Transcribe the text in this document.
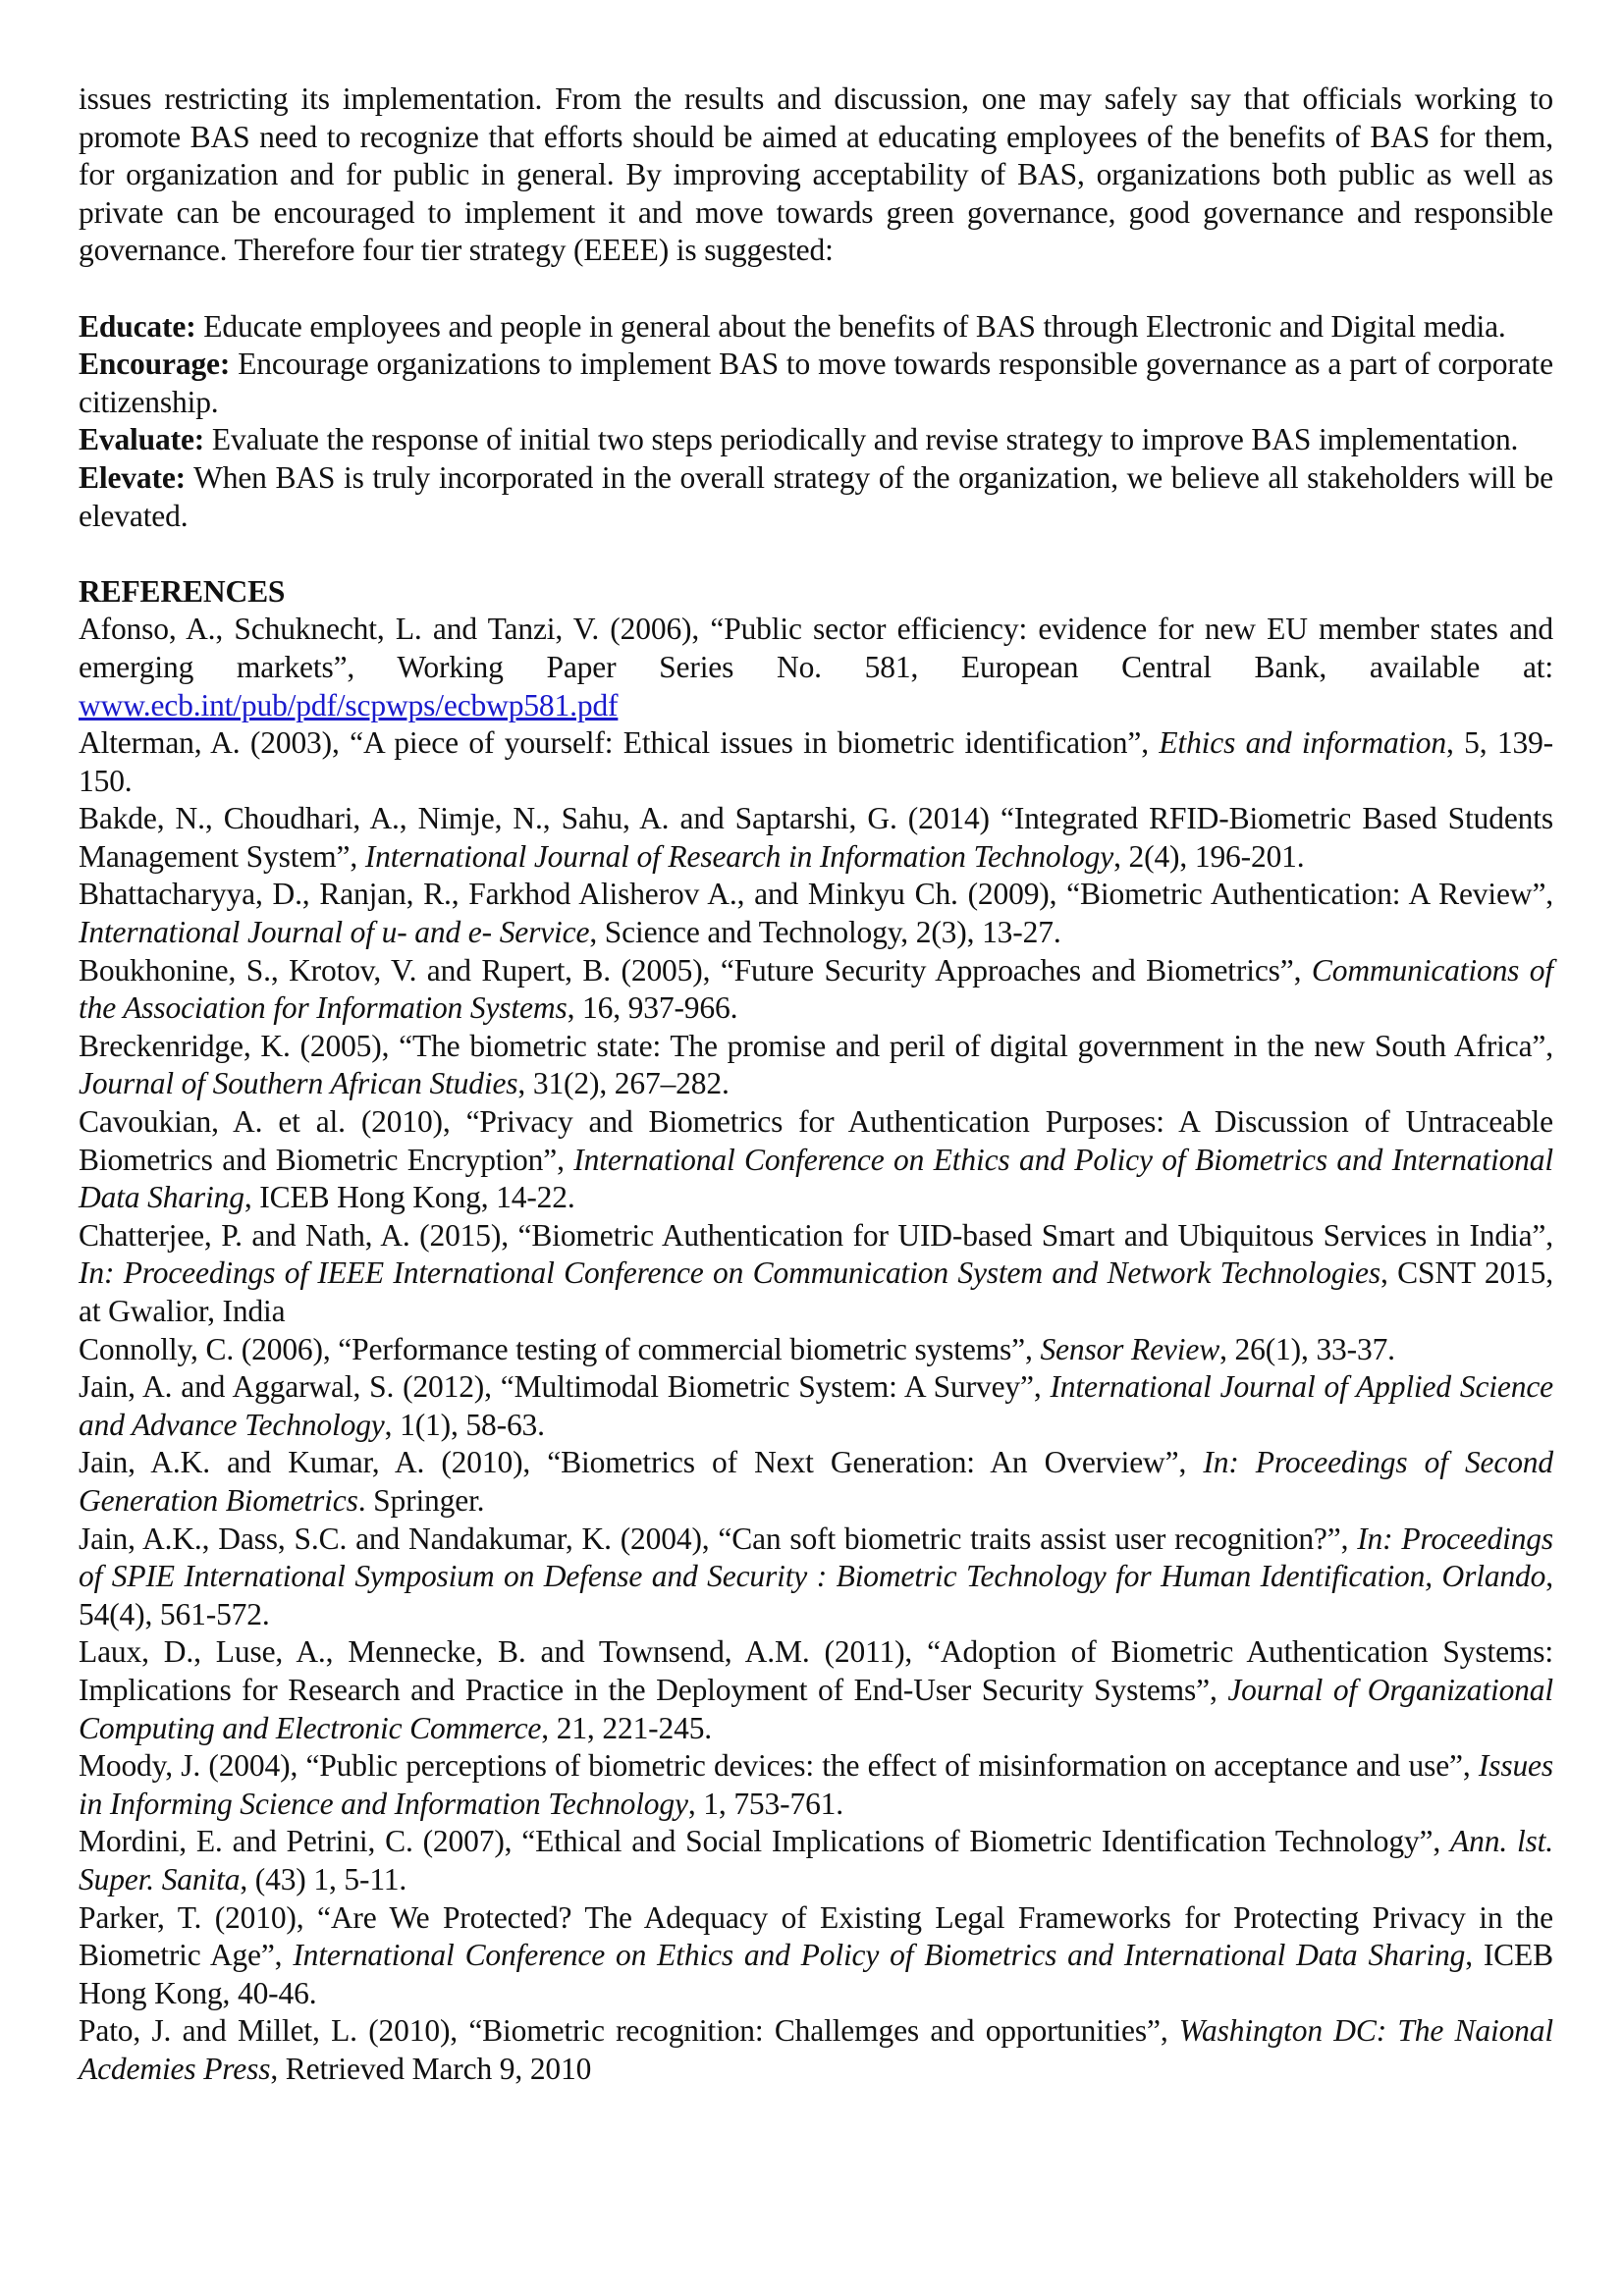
issues restricting its implementation. From the results and discussion, one may safely say that officials working to promote BAS need to recognize that efforts should be aimed at educating employees of the benefits of BAS for them, for organization and for public in general. By improving acceptability of BAS, organizations both public as well as private can be encouraged to implement it and move towards green governance, good governance and responsible governance. Therefore four tier strategy (EEEE) is suggested:

Educate: Educate employees and people in general about the benefits of BAS through Electronic and Digital media.

Encourage: Encourage organizations to implement BAS to move towards responsible governance as a part of corporate citizenship.

Evaluate: Evaluate the response of initial two steps periodically and revise strategy to improve BAS implementation.

Elevate: When BAS is truly incorporated in the overall strategy of the organization, we believe all stakeholders will be elevated.

REFERENCES

Afonso, A., Schuknecht, L. and Tanzi, V. (2006), “Public sector efficiency: evidence for new EU member states and emerging markets”, Working Paper Series No. 581, European Central Bank, available at: www.ecb.int/pub/pdf/scpwps/ecbwp581.pdf

Alterman, A. (2003), “A piece of yourself: Ethical issues in biometric identification”, Ethics and information, 5, 139-150.

Bakde, N., Choudhari, A., Nimje, N., Sahu, A. and Saptarshi, G. (2014) “Integrated RFID-Biometric Based Students Management System”, International Journal of Research in Information Technology, 2(4), 196-201.

Bhattacharyya, D., Ranjan, R., Farkhod Alisherov A., and Minkyu Ch. (2009), “Biometric Authentication: A Review”, International Journal of u- and e- Service, Science and Technology, 2(3), 13-27.

Boukhonine, S., Krotov, V. and Rupert, B. (2005), “Future Security Approaches and Biometrics”, Communications of the Association for Information Systems, 16, 937-966.

Breckenridge, K. (2005), “The biometric state: The promise and peril of digital government in the new South Africa”, Journal of Southern African Studies, 31(2), 267–282.

Cavoukian, A. et al. (2010), “Privacy and Biometrics for Authentication Purposes: A Discussion of Untraceable Biometrics and Biometric Encryption”, International Conference on Ethics and Policy of Biometrics and International Data Sharing, ICEB Hong Kong, 14-22.

Chatterjee, P. and Nath, A. (2015), “Biometric Authentication for UID-based Smart and Ubiquitous Services in India”, In: Proceedings of IEEE International Conference on Communication System and Network Technologies, CSNT 2015, at Gwalior, India

Connolly, C. (2006), “Performance testing of commercial biometric systems”, Sensor Review, 26(1), 33-37.

Jain, A. and Aggarwal, S. (2012), “Multimodal Biometric System: A Survey”, International Journal of Applied Science and Advance Technology, 1(1), 58-63.

Jain, A.K. and Kumar, A. (2010), “Biometrics of Next Generation: An Overview”, In: Proceedings of Second Generation Biometrics. Springer.

Jain, A.K., Dass, S.C. and Nandakumar, K. (2004), “Can soft biometric traits assist user recognition?”, In: Proceedings of SPIE International Symposium on Defense and Security : Biometric Technology for Human Identification, Orlando, 54(4), 561-572.

Laux, D., Luse, A., Mennecke, B. and Townsend, A.M. (2011), “Adoption of Biometric Authentication Systems: Implications for Research and Practice in the Deployment of End-User Security Systems”, Journal of Organizational Computing and Electronic Commerce, 21, 221-245.

Moody, J. (2004), “Public perceptions of biometric devices: the effect of misinformation on acceptance and use”, Issues in Informing Science and Information Technology, 1, 753-761.

Mordini, E. and Petrini, C. (2007), “Ethical and Social Implications of Biometric Identification Technology”, Ann. lst. Super. Sanita, (43) 1, 5-11.

Parker, T. (2010), “Are We Protected? The Adequacy of Existing Legal Frameworks for Protecting Privacy in the Biometric Age”, International Conference on Ethics and Policy of Biometrics and International Data Sharing, ICEB Hong Kong, 40-46.

Pato, J. and Millet, L. (2010), “Biometric recognition: Challemges and opportunities”, Washington DC: The Naional Acdemies Press, Retrieved March 9, 2010
